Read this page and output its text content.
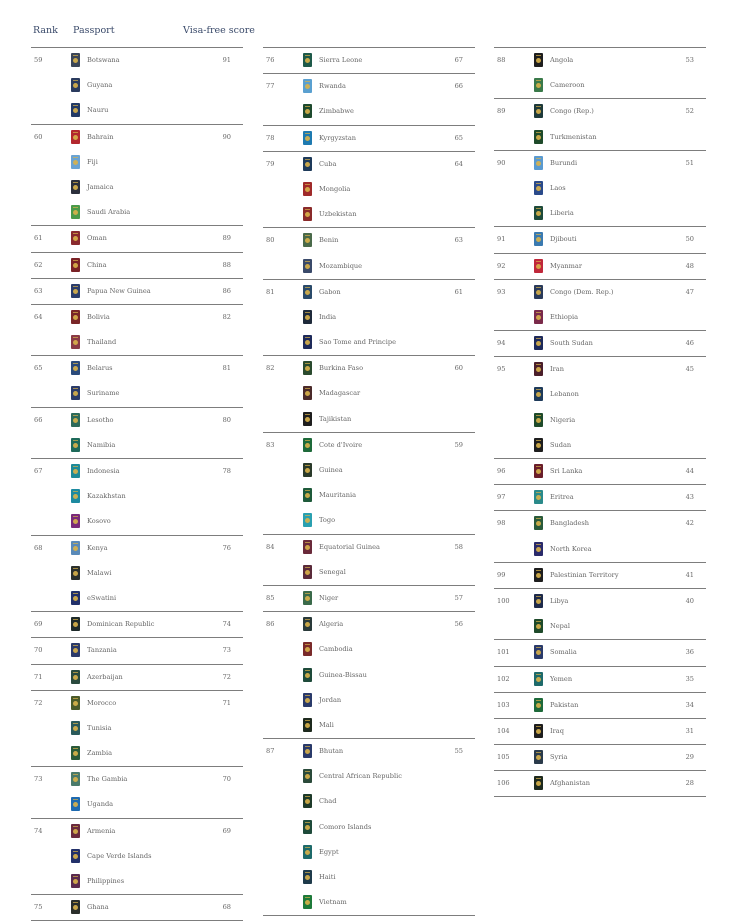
Rank Passport	Visa-free score
59	Botswana	91
Guyana
Nauru
60	Bahrain	90
Fiji
Jamaica
Saudi Arabia
61	Oman	89
62	China	88
63	Papua New Guinea	86
64	Bolivia	82
Thailand
65	Belarus	81
Suriname
66	Lesotho	80
Namibia
67	Indonesia	78
Kazakhstan
Kosovo
68	Kenya	76
Malawi
eSwatini
69	Dominican Republic	74
70	Tanzania	73
71	Azerbaijan	72
72	Morocco	71
Tunisia
Zambia
73	The Gambia	70
Uganda
74	Armenia	69
Cape Verde Islands
Philippines
75	Ghana	68
76	Sierra Leone	67
77	Rwanda	66
Zimbabwe
78	Kyrgyzstan	65
79	Cuba	64
Mongolia
Uzbekistan
80	Benin	63
Mozambique
81	Gabon	61
India
Sao Tome and Principe
82	Burkina Faso	60
Madagascar
Tajikistan
83	Cote d'Ivoire	59
Guinea
Mauritania
Togo
84	Equatorial Guinea	58
Senegal
85	Niger	57
86	Algeria	56
Cambodia
Guinea-Bissau
Jordan
Mali
87	Bhutan	55
Central African Republic
Chad
Comoro Islands
Egypt
Haiti
Vietnam
88	Angola	53
Cameroon
89	Congo (Rep.)	52
Turkmenistan
90	Burundi	51
Laos
Liberia
91	Djibouti	50
92	Myanmar	48
93	Congo (Dem. Rep.)	47
Ethiopia
94	South Sudan	46
95	Iran	45
Lebanon
Nigeria
Sudan
96	Sri Lanka	44
97	Eritrea	43
98	Bangladesh	42
North Korea
99	Palestinian Territory	41
100	Libya	40
Nepal
101	Somalia	36
102	Yemen	35
103	Pakistan	34
104	Iraq	31
105	Syria	29
106	Afghanistan	28
